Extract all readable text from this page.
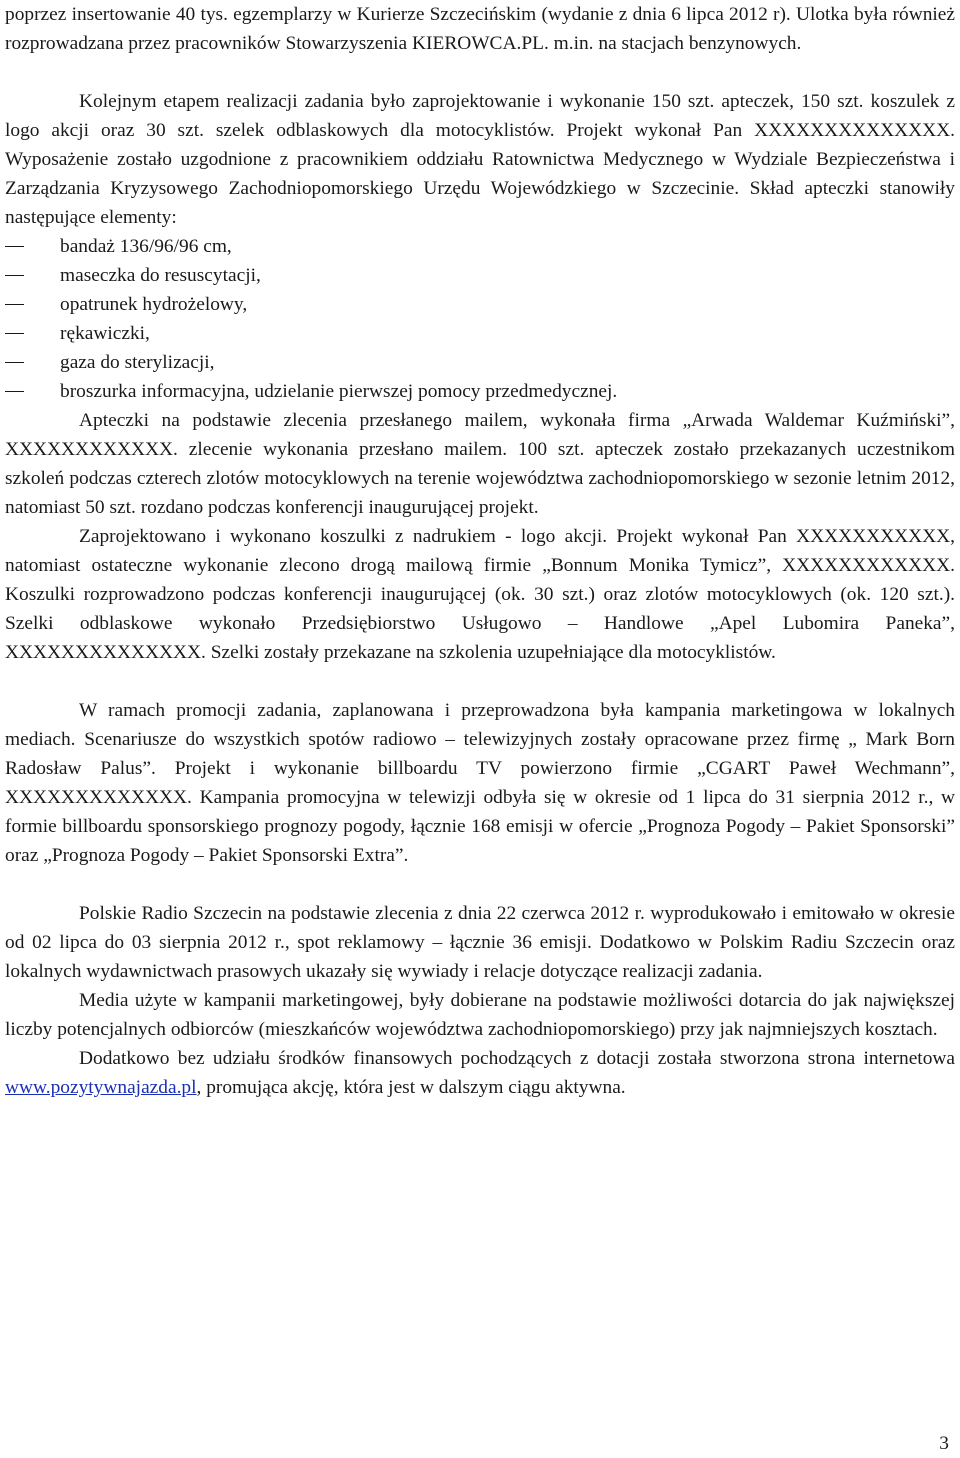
poprzez insertowanie 40 tys. egzemplarzy w Kurierze Szczecińskim (wydanie z dnia 6 lipca 2012 r). Ulotka była również rozprowadzana przez pracowników Stowarzyszenia KIEROWCA.PL. m.in. na stacjach benzynowych.

Kolejnym etapem realizacji zadania było zaprojektowanie i wykonanie 150 szt. apteczek, 150 szt. koszulek z logo akcji oraz 30 szt. szelek odblaskowych dla motocyklistów. Projekt wykonał Pan XXXXXXXXXXXXXX. Wyposażenie zostało uzgodnione z pracownikiem oddziału Ratownictwa Medycznego w Wydziale Bezpieczeństwa i Zarządzania Kryzysowego Zachodniopomorskiego Urzędu Wojewódzkiego w Szczecinie. Skład apteczki stanowiły następujące elementy:

bandaż 136/96/96 cm,
maseczka do resuscytacji,
opatrunek hydrożelowy,
rękawiczki,
gaza do sterylizacji,
broszurka informacyjna, udzielanie pierwszej pomocy przedmedycznej.

Apteczki na podstawie zlecenia przesłanego mailem, wykonała firma „Arwada Waldemar Kuźmiński”, XXXXXXXXXXXX. zlecenie wykonania przesłano mailem. 100 szt. apteczek zostało przekazanych uczestnikom szkoleń podczas czterech zlotów motocyklowych na terenie województwa zachodniopomorskiego w sezonie letnim 2012, natomiast 50 szt. rozdano podczas konferencji inaugurującej projekt.

Zaprojektowano i wykonano koszulki z nadrukiem - logo akcji. Projekt wykonał Pan XXXXXXXXXXX, natomiast ostateczne wykonanie zlecono drogą mailową firmie „Bonnum Monika Tymicz”, XXXXXXXXXXXX. Koszulki rozprowadzono podczas konferencji inaugurującej (ok. 30 szt.) oraz zlotów motocyklowych (ok. 120 szt.). Szelki odblaskowe wykonało Przedsiębiorstwo Usługowo – Handlowe „Apel Lubomira Paneka”, XXXXXXXXXXXXXX. Szelki zostały przekazane na szkolenia uzupełniające dla motocyklistów.

W ramach promocji zadania, zaplanowana i przeprowadzona była kampania marketingowa w lokalnych mediach. Scenariusze do wszystkich spotów radiowo – telewizyjnych zostały opracowane przez firmę „ Mark Born Radosław Palus”. Projekt i wykonanie billboardu TV powierzono firmie „CGART Paweł Wechmann”, XXXXXXXXXXXXX. Kampania promocyjna w telewizji odbyła się w okresie od 1 lipca do 31 sierpnia 2012 r., w formie billboardu sponsorskiego prognozy pogody, łącznie 168 emisji w ofercie „Prognoza Pogody – Pakiet Sponsorski” oraz „Prognoza Pogody – Pakiet Sponsorski Extra”.

Polskie Radio Szczecin na podstawie zlecenia z dnia 22 czerwca 2012 r. wyprodukowało i emitowało w okresie od 02 lipca do 03 sierpnia 2012 r., spot reklamowy – łącznie 36 emisji. Dodatkowo w Polskim Radiu Szczecin oraz lokalnych wydawnictwach prasowych ukazały się wywiady i relacje dotyczące realizacji zadania.

Media użyte w kampanii marketingowej, były dobierane na podstawie możliwości dotarcia do jak największej liczby potencjalnych odbiorców (mieszkańców województwa zachodniopomorskiego) przy jak najmniejszych kosztach.

Dodatkowo bez udziału środków finansowych pochodzących z dotacji została stworzona strona internetowa www.pozytywnajazda.pl, promująca akcję, która jest w dalszym ciągu aktywna.

3
